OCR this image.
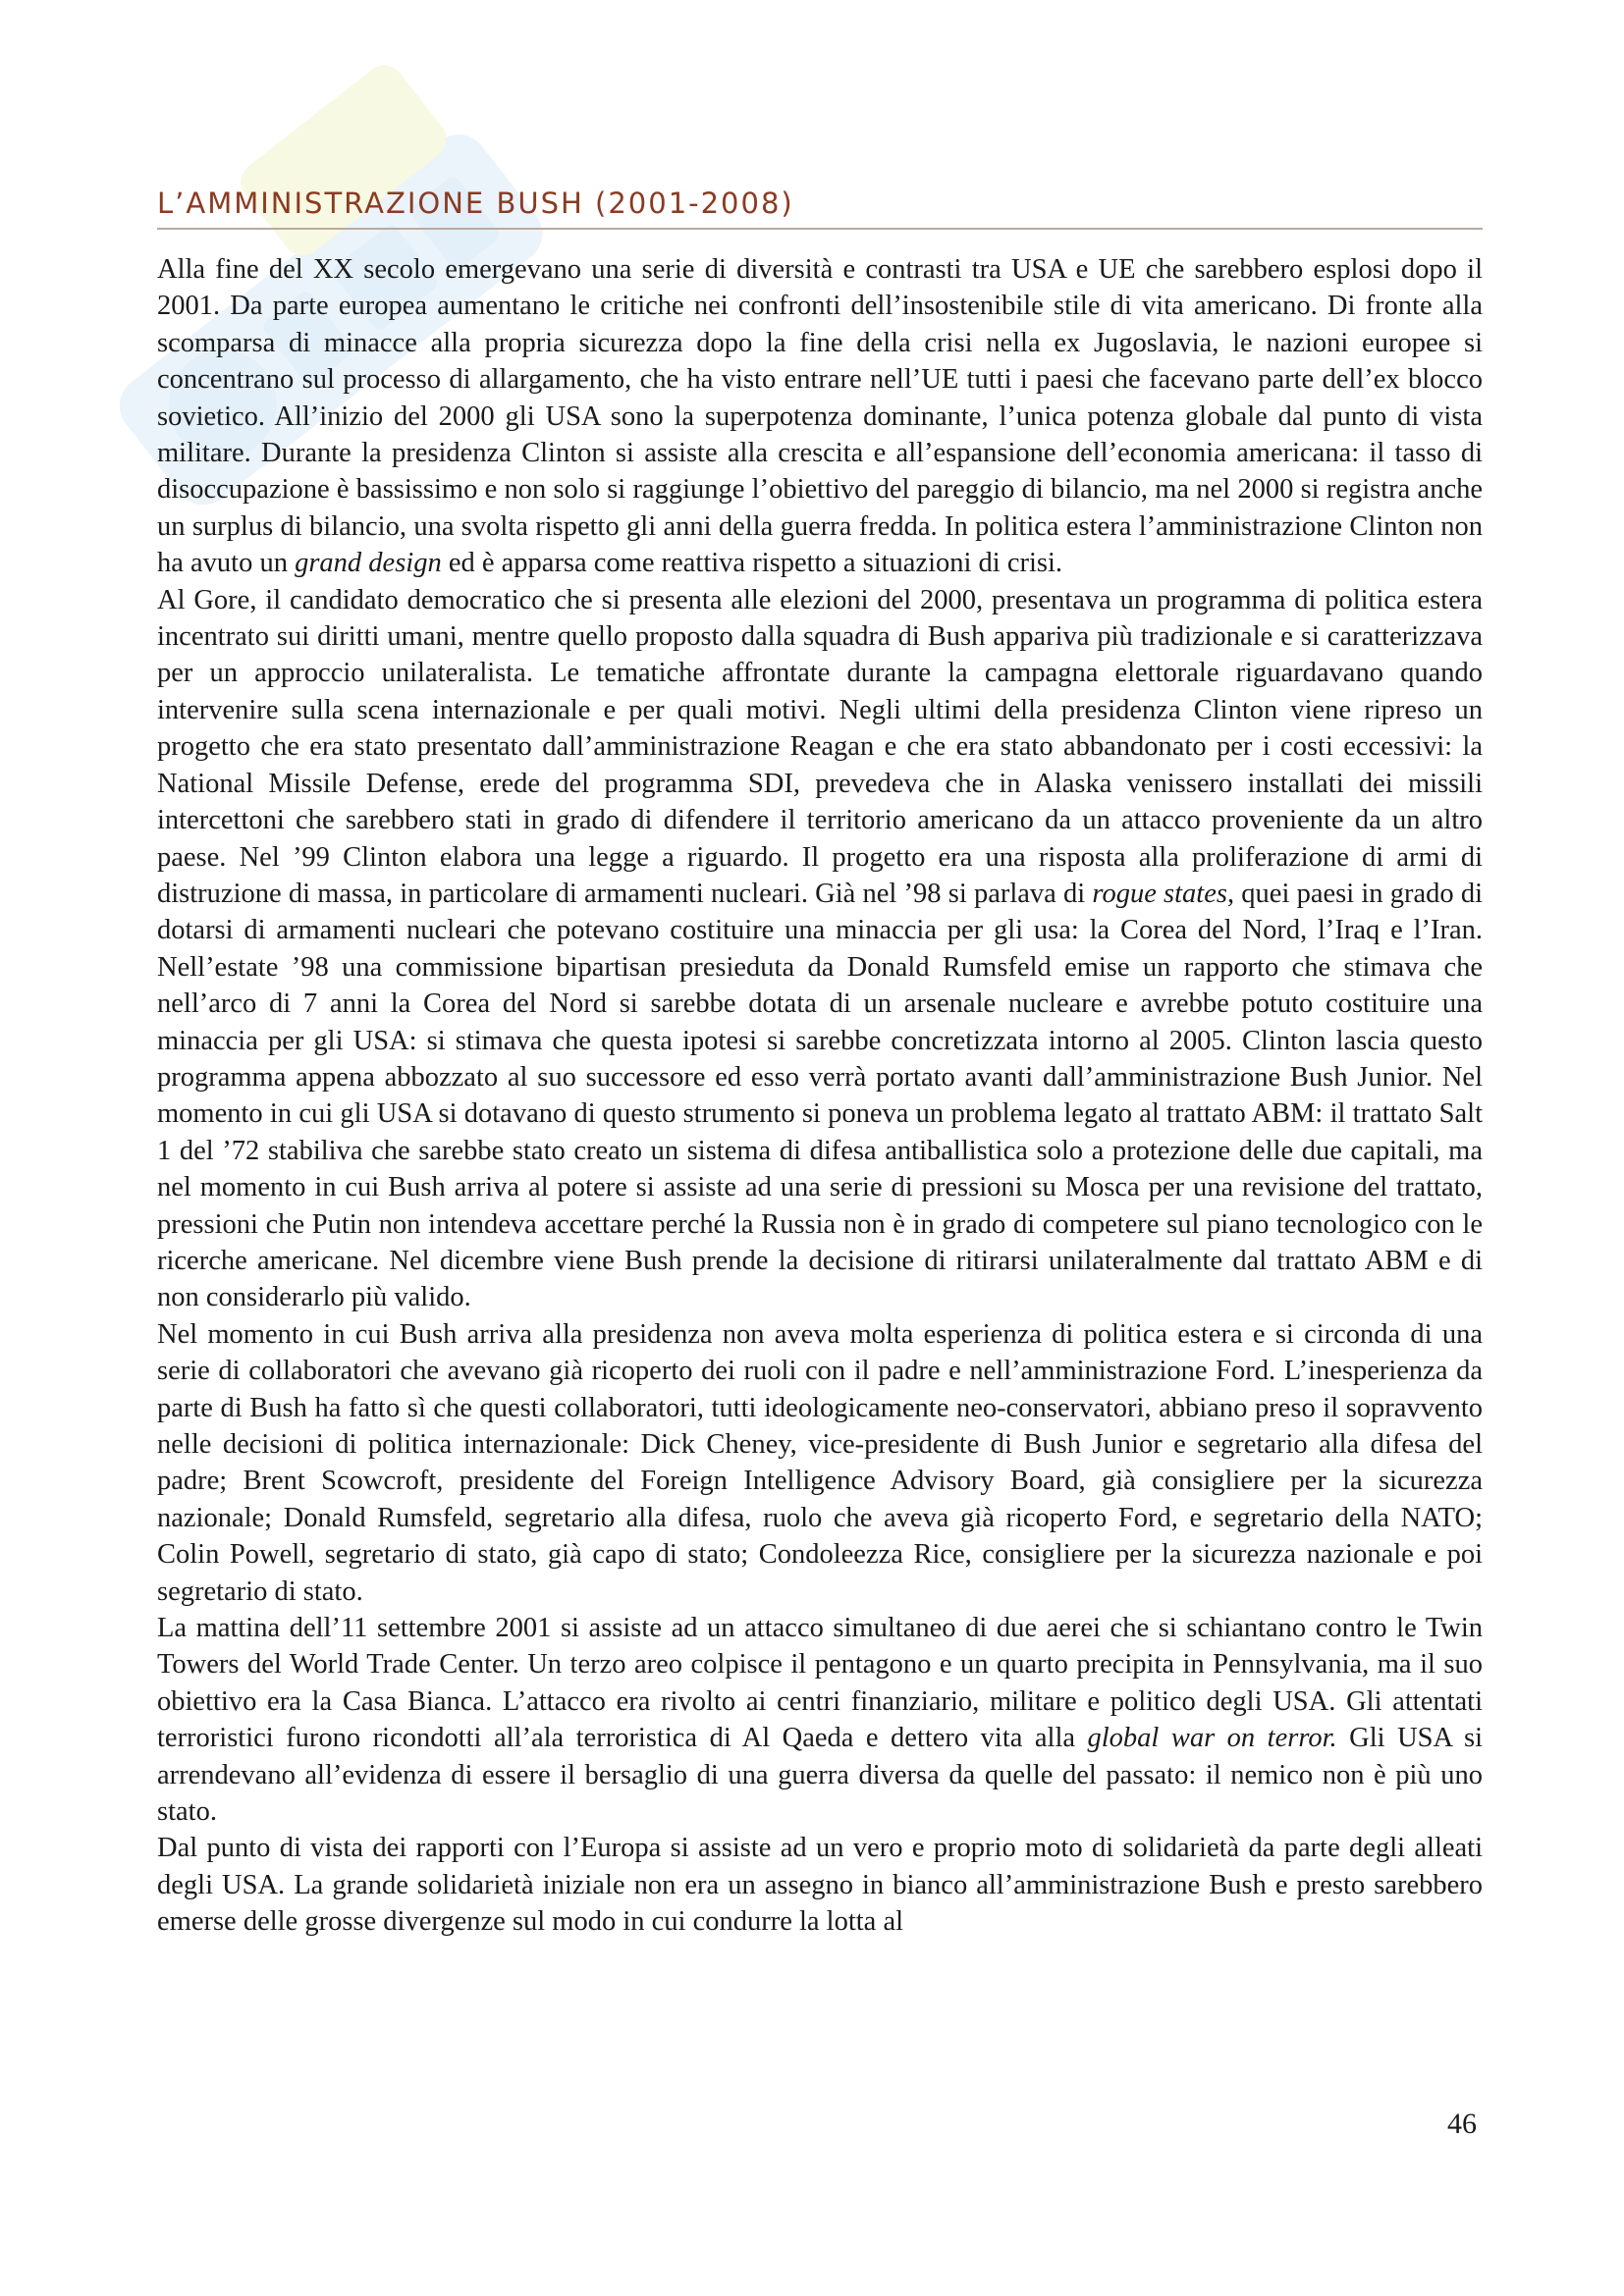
L’AMMINISTRAZIONE BUSH (2001-2008)

Alla fine del XX secolo emergevano una serie di diversità e contrasti tra USA e UE che sarebbero esplosi dopo il 2001. Da parte europea aumentano le critiche nei confronti dell’insostenibile stile di vita americano. Di fronte alla scomparsa di minacce alla propria sicurezza dopo la fine della crisi nella ex Jugoslavia, le nazioni europee si concentrano sul processo di allargamento, che ha visto entrare nell’UE tutti i paesi che facevano parte dell’ex blocco sovietico. All’inizio del 2000 gli USA sono la superpotenza dominante, l’unica potenza globale dal punto di vista militare. Durante la presidenza Clinton si assiste alla crescita e all’espansione dell’economia americana: il tasso di disoccupazione è bassissimo e non solo si raggiunge l’obiettivo del pareggio di bilancio, ma nel 2000 si registra anche un surplus di bilancio, una svolta rispetto gli anni della guerra fredda. In politica estera l’amministrazione Clinton non ha avuto un grand design ed è apparsa come reattiva rispetto a situazioni di crisi.

Al Gore, il candidato democratico che si presenta alle elezioni del 2000, presentava un programma di politica estera incentrato sui diritti umani, mentre quello proposto dalla squadra di Bush appariva più tradizionale e si caratterizzava per un approccio unilateralista. Le tematiche affrontate durante la campagna elettorale riguardavano quando intervenire sulla scena internazionale e per quali motivi. Negli ultimi della presidenza Clinton viene ripreso un progetto che era stato presentato dall’amministrazione Reagan e che era stato abbandonato per i costi eccessivi: la National Missile Defense, erede del programma SDI, prevedeva che in Alaska venissero installati dei missili intercettoni che sarebbero stati in grado di difendere il territorio americano da un attacco proveniente da un altro paese. Nel ’99 Clinton elabora una legge a riguardo. Il progetto era una risposta alla proliferazione di armi di distruzione di massa, in particolare di armamenti nucleari. Già nel ’98 si parlava di rogue states, quei paesi in grado di dotarsi di armamenti nucleari che potevano costituire una minaccia per gli usa: la Corea del Nord, l’Iraq e l’Iran. Nell’estate ’98 una commissione bipartisan presieduta da Donald Rumsfeld emise un rapporto che stimava che nell’arco di 7 anni la Corea del Nord si sarebbe dotata di un arsenale nucleare e avrebbe potuto costituire una minaccia per gli USA: si stimava che questa ipotesi si sarebbe concretizzata intorno al 2005. Clinton lascia questo programma appena abbozzato al suo successore ed esso verrà portato avanti dall’amministrazione Bush Junior. Nel momento in cui gli USA si dotavano di questo strumento si poneva un problema legato al trattato ABM: il trattato Salt 1 del ’72 stabiliva che sarebbe stato creato un sistema di difesa antiballistica solo a protezione delle due capitali, ma nel momento in cui Bush arriva al potere si assiste ad una serie di pressioni su Mosca per una revisione del trattato, pressioni che Putin non intendeva accettare perché la Russia non è in grado di competere sul piano tecnologico con le ricerche americane. Nel dicembre viene Bush prende la decisione di ritirarsi unilateralmente dal trattato ABM e di non considerarlo più valido.

Nel momento in cui Bush arriva alla presidenza non aveva molta esperienza di politica estera e si circonda di una serie di collaboratori che avevano già ricoperto dei ruoli con il padre e nell’amministrazione Ford. L’inesperienza da parte di Bush ha fatto sì che questi collaboratori, tutti ideologicamente neo-conservatori, abbiano preso il sopravvento nelle decisioni di politica internazionale: Dick Cheney, vice-presidente di Bush Junior e segretario alla difesa del padre; Brent Scowcroft, presidente del Foreign Intelligence Advisory Board, già consigliere per la sicurezza nazionale; Donald Rumsfeld, segretario alla difesa, ruolo che aveva già ricoperto Ford, e segretario della NATO; Colin Powell, segretario di stato, già capo di stato; Condoleezza Rice, consigliere per la sicurezza nazionale e poi segretario di stato.

La mattina dell’11 settembre 2001 si assiste ad un attacco simultaneo di due aerei che si schiantano contro le Twin Towers del World Trade Center. Un terzo areo colpisce il pentagono e un quarto precipita in Pennsylvania, ma il suo obiettivo era la Casa Bianca. L’attacco era rivolto ai centri finanziario, militare e politico degli USA. Gli attentati terroristici furono ricondotti all’ala terroristica di Al Qaeda e dettero vita alla global war on terror. Gli USA si arrendevano all’evidenza di essere il bersaglio di una guerra diversa da quelle del passato: il nemico non è più uno stato.

Dal punto di vista dei rapporti con l’Europa si assiste ad un vero e proprio moto di solidarietà da parte degli alleati degli USA. La grande solidarietà iniziale non era un assegno in bianco all’amministrazione Bush e presto sarebbero emerse delle grosse divergenze sul modo in cui condurre la lotta al

46
